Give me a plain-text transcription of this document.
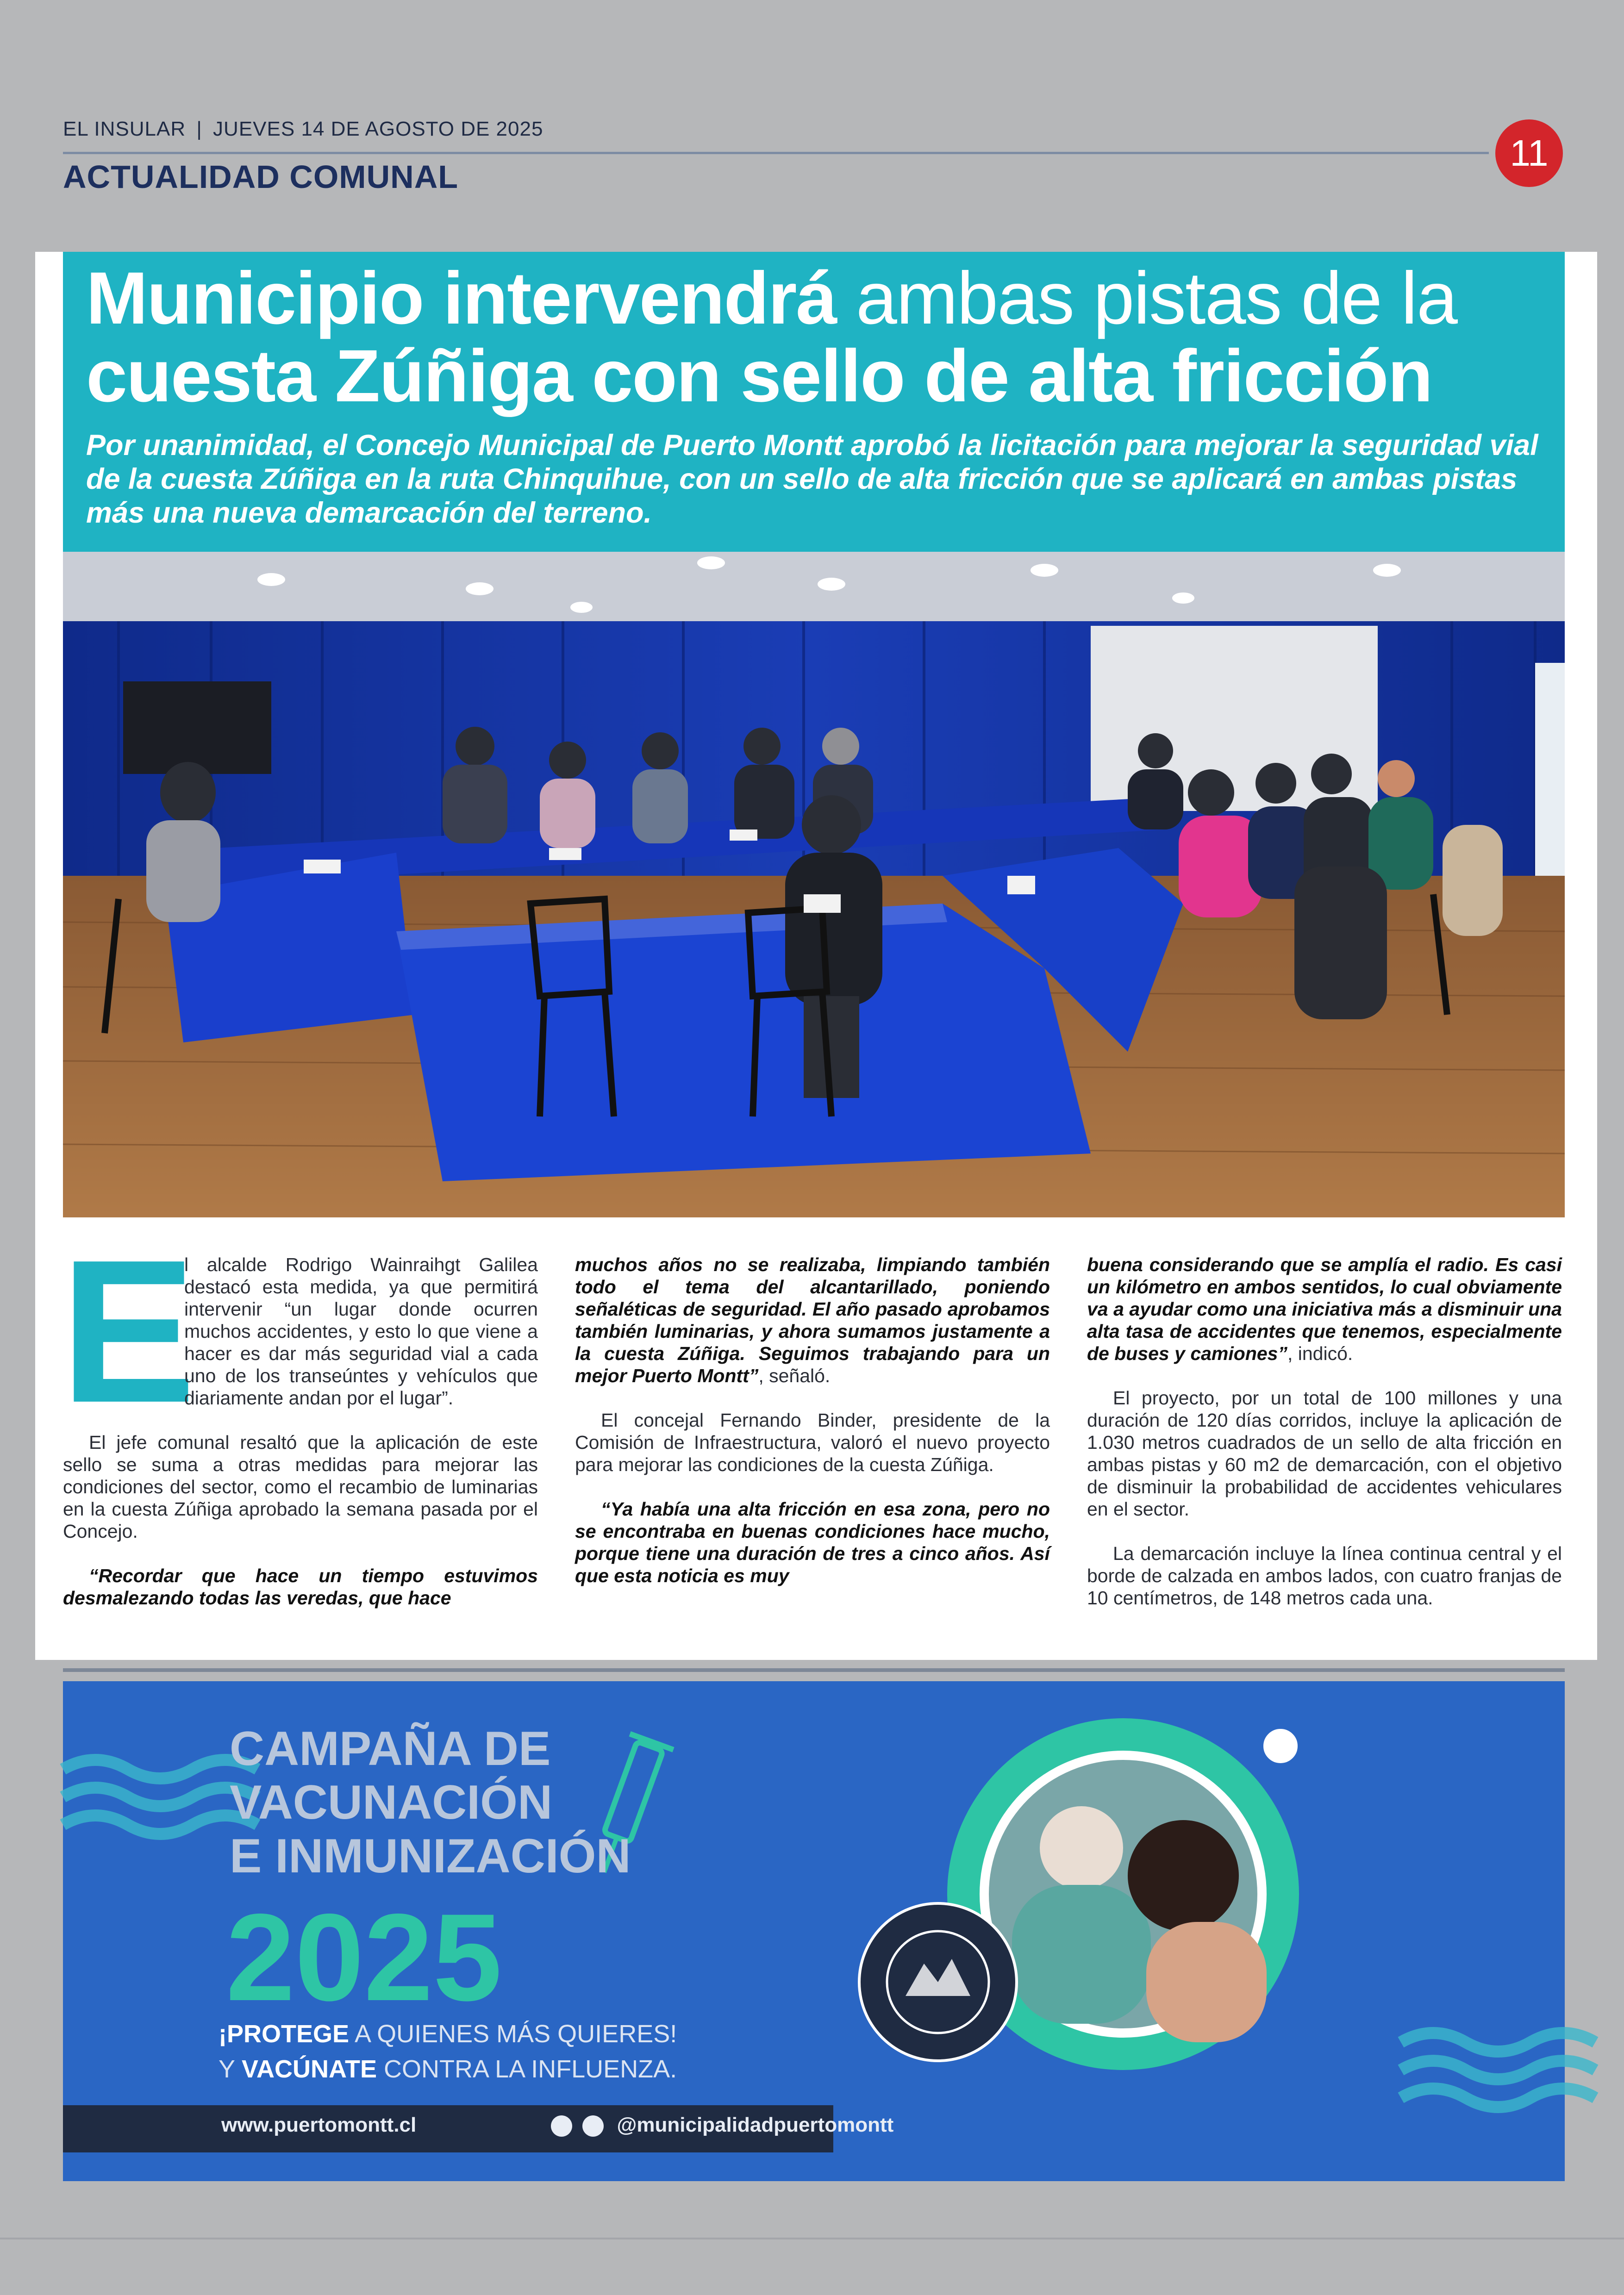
EL INSULAR | JUEVES 14 DE AGOSTO DE 2025
ACTUALIDAD COMUNAL
11
Municipio intervendrá ambas pistas de la
cuesta Zúñiga con sello de alta fricción
Por unanimidad, el Concejo Municipal de Puerto Montt aprobó la licitación para mejorar la seguridad vial de la cuesta Zúñiga en la ruta Chinquihue, con un sello de alta fricción que se aplicará en ambas pistas más una nueva demarcación del terreno.
E

l alcalde Rodrigo Wainraihgt Galilea destacó esta medida, ya que permitirá intervenir “un lugar donde ocurren muchos accidentes, y esto lo que viene a hacer es dar más seguridad vial a cada uno de los transeúntes y vehículos que diariamente andan por el lugar”.

El jefe comunal resaltó que la aplicación de este sello se suma a otras medidas para mejorar las condiciones del sector, como el recambio de luminarias en la cuesta Zúñiga aprobado la semana pasada por el Concejo.

“Recordar que hace un tiempo estuvimos desmalezando todas las veredas, que hace

muchos años no se realizaba, limpiando también todo el tema del alcantarillado, poniendo señaléticas de seguridad. El año pasado aprobamos también luminarias, y ahora sumamos justamente a la cuesta Zúñiga. Seguimos trabajando para un mejor Puerto Montt”, señaló.

El concejal Fernando Binder, presidente de la Comisión de Infraestructura, valoró el nuevo proyecto para mejorar las condiciones de la cuesta Zúñiga.

“Ya había una alta fricción en esa zona, pero no se encontraba en buenas condiciones hace mucho, porque tiene una duración de tres a cinco años. Así que esta noticia es muy

buena considerando que se amplía el radio. Es casi un kilómetro en ambos sentidos, lo cual obviamente va a ayudar como una iniciativa más a disminuir una alta tasa de accidentes que tenemos, especialmente de buses y camiones”, indicó.

El proyecto, por un total de 100 millones y una duración de 120 días corridos, incluye la aplicación de 1.030 metros cuadrados de un sello de alta fricción en ambas pistas y 60 m2 de demarcación, con el objetivo de disminuir la probabilidad de accidentes vehiculares en el sector.

La demarcación incluye la línea continua central y el borde de calzada en ambos lados, con cuatro franjas de 10 centímetros, de 148 metros cada una.

CAMPAÑA DE
VACUNACIÓN
E INMUNIZACIÓN
2025
¡PROTEGE A QUIENES MÁS QUIERES!
Y VACÚNATE CONTRA LA INFLUENZA.
www.puertomontt.cl	@municipalidadpuertomontt
